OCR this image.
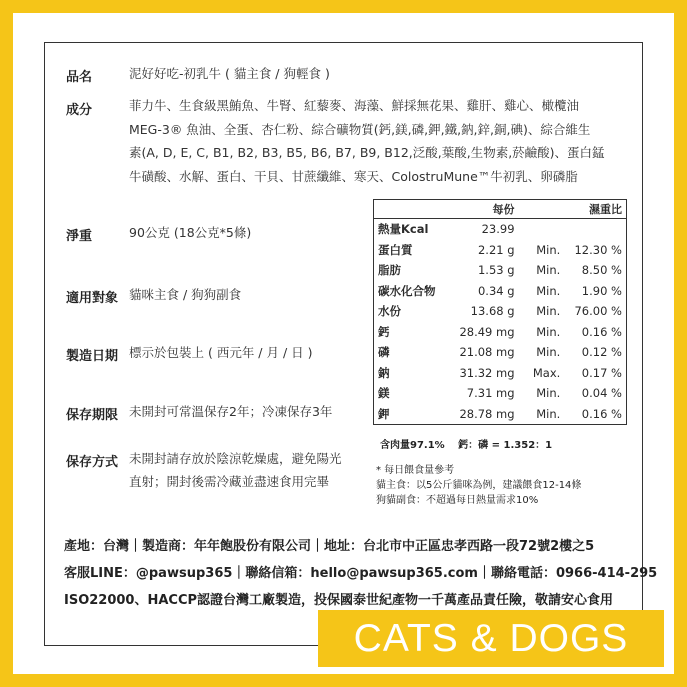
品名	泥好好吃-初乳牛 ( 貓主食 / 狗輕食 )
成分	菲力牛、生食級黑鮪魚、牛腎、紅藜麥、海藻、鮮採無花果、雞肝、雞心、橄欖油
MEG-3® 魚油、全蛋、杏仁粉、綜合礦物質(鈣,鎂,磷,鉀,鐵,鈉,鋅,銅,碘)、綜合維生
素(A, D, E, C, B1, B2, B3, B5, B6, B7, B9, B12,泛酸,葉酸,生物素,菸鹼酸)、蛋白錳
牛磺酸、水解、蛋白、干貝、甘蔗纖維、寒天、ColostruMune™牛初乳、卵磷脂
淨重	90公克 (18公克*5條)
適用對象 貓咪主食 / 狗狗副食
製造日期 標示於包裝上 ( 西元年 / 月 / 日 )
保存期限 未開封可常溫保存2年；冷凍保存3年
保存方式 未開封請存放於陰涼乾燥處，避免陽光
直射；開封後需冷藏並盡速食用完畢
	每份		濕重比
熱量Kcal	23.99		
蛋白質	2.21 g	Min.	12.30 %
脂肪	1.53 g	Min.	8.50 %
碳水化合物	0.34 g	Min.	1.90 %
水份	13.68 g	Min.	76.00 %
鈣	28.49 mg	Min.	0.16 %
磷	21.08 mg	Min.	0.12 %
鈉	31.32 mg	Max.	0.17 %
鎂	7.31 mg	Min.	0.04 %
鉀	28.78 mg	Min.	0.16 %
含肉量97.1%　 鈣：磷 = 1.352：1
* 每日餵食量參考
貓主食：以5公斤貓咪為例，建議餵食12-14條
狗貓副食：不超過每日熱量需求10%
產地：台灣｜製造商：年年飽股份有限公司｜地址：台北市中正區忠孝西路一段72號2樓之5
客服LINE：@pawsup365｜聯絡信箱：hello@pawsup365.com｜聯絡電話：0966-414-295
ISO22000、HACCP認證台灣工廠製造，投保國泰世紀產物一千萬產品責任險，敬請安心食用
CATS & DOGS
